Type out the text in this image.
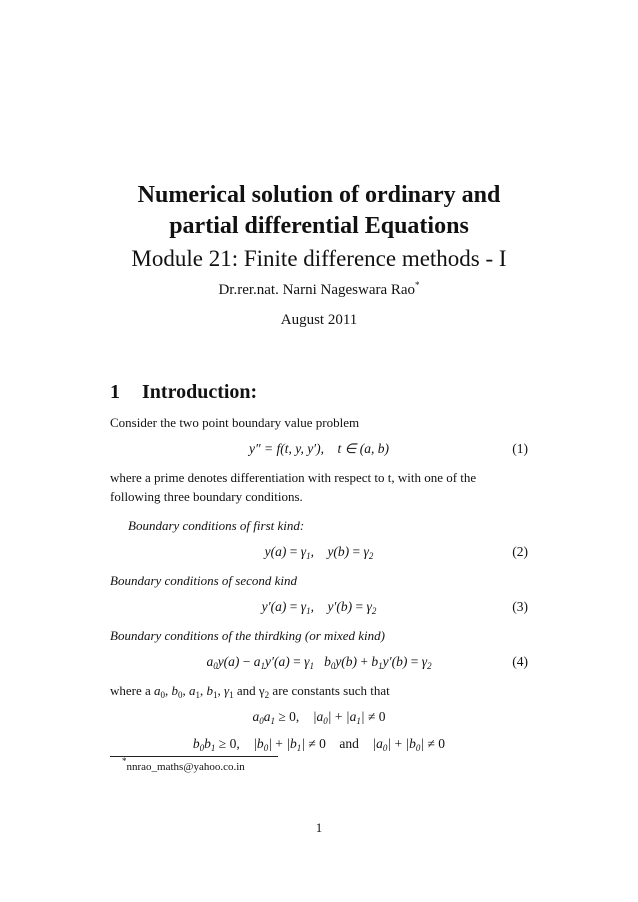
Numerical solution of ordinary and
partial differential Equations
Module 21: Finite difference methods - I
Dr.rer.nat. Narni Nageswara Rao*
August 2011
1 Introduction:
Consider the two point boundary value problem
y″ = f(t, y, y′), t ∈ (a, b)	(1)
where a prime denotes differentiation with respect to t, with one of the following three boundary conditions.
Boundary conditions of first kind:
$y(a) = \gamma_1$,    $y(b) = \gamma_2$	(2)
Boundary conditions of second kind
$y'(a) = \gamma_1$,    $y'(b) = \gamma_2$	(3)
Boundary conditions of the thirdking (or mixed kind)
$a_0y(a) - a_1y'(a) = \gamma_1$   $b_0y(b) + b_1y'(b) = \gamma_2$	(4)
where a $a_0$, $b_0$, $a_1$, $b_1$, $\gamma_1$ and $\gamma_2$ are constants such that
$a_0a_1 \ge 0$,    $|a_0| + |a_1| \ne 0$
$b_0b_1 \ge 0$,    $|b_0| + |b_1| \ne 0$ and    $|a_0| + |b_0| \ne 0$
*nnrao_maths@yahoo.co.in
1
